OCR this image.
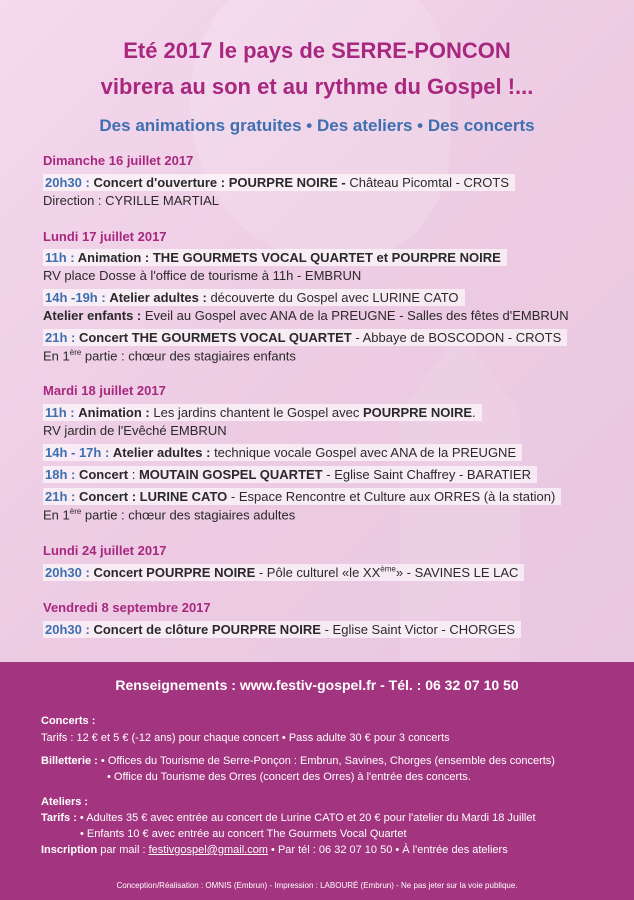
Eté 2017 le pays de SERRE-PONCON
vibrera au son et au rythme du Gospel !...
Des animations gratuites • Des ateliers • Des concerts
Dimanche 16 juillet 2017
20h30 : Concert d'ouverture : POURPRE NOIRE - Château Picomtal - CROTS
Direction : CYRILLE MARTIAL
Lundi 17 juillet 2017
11h : Animation : THE GOURMETS VOCAL QUARTET et POURPRE NOIRE
RV place Dosse à l'office de tourisme à 11h - EMBRUN
14h -19h : Atelier adultes : découverte du Gospel avec LURINE CATO
Atelier enfants : Eveil au Gospel avec ANA de la PREUGNE - Salles des fêtes d'EMBRUN
21h : Concert THE GOURMETS VOCAL QUARTET - Abbaye de BOSCODON - CROTS
En 1ère partie : chœur des stagiaires enfants
Mardi 18 juillet 2017
11h : Animation : Les jardins chantent le Gospel avec POURPRE NOIRE.
RV jardin de l'Evêché EMBRUN
14h - 17h : Atelier adultes : technique vocale Gospel avec ANA de la PREUGNE
18h : Concert : MOUTAIN GOSPEL QUARTET - Eglise Saint Chaffrey - BARATIER
21h : Concert : LURINE CATO - Espace Rencontre et Culture aux ORRES (à la station)
En 1ère partie : chœur des stagiaires adultes
Lundi 24 juillet 2017
20h30 : Concert POURPRE NOIRE - Pôle culturel «le XXème» - SAVINES LE LAC
Vendredi 8 septembre 2017
20h30 : Concert de clôture POURPRE NOIRE - Eglise Saint Victor - CHORGES
Renseignements : www.festiv-gospel.fr - Tél. : 06 32 07 10 50
Concerts :
Tarifs : 12 € et 5 € (-12 ans) pour chaque concert • Pass adulte 30 € pour 3 concerts
Billetterie : • Offices du Tourisme de Serre-Ponçon : Embrun, Savines, Chorges (ensemble des concerts)
• Office du Tourisme des Orres (concert des Orres) à l'entrée des concerts.
Ateliers :
Tarifs : • Adultes 35 € avec entrée au concert de Lurine CATO et 20 € pour l'atelier du Mardi 18 Juillet
• Enfants 10 € avec entrée au concert The Gourmets Vocal Quartet
Inscription par mail : festivgospel@gmail.com • Par tél : 06 32 07 10 50 • À l'entrée des ateliers
Conception/Réalisation : OMNIS (Embrun) - Impression : LABOURÉ (Embrun) - Ne pas jeter sur la voie publique.
